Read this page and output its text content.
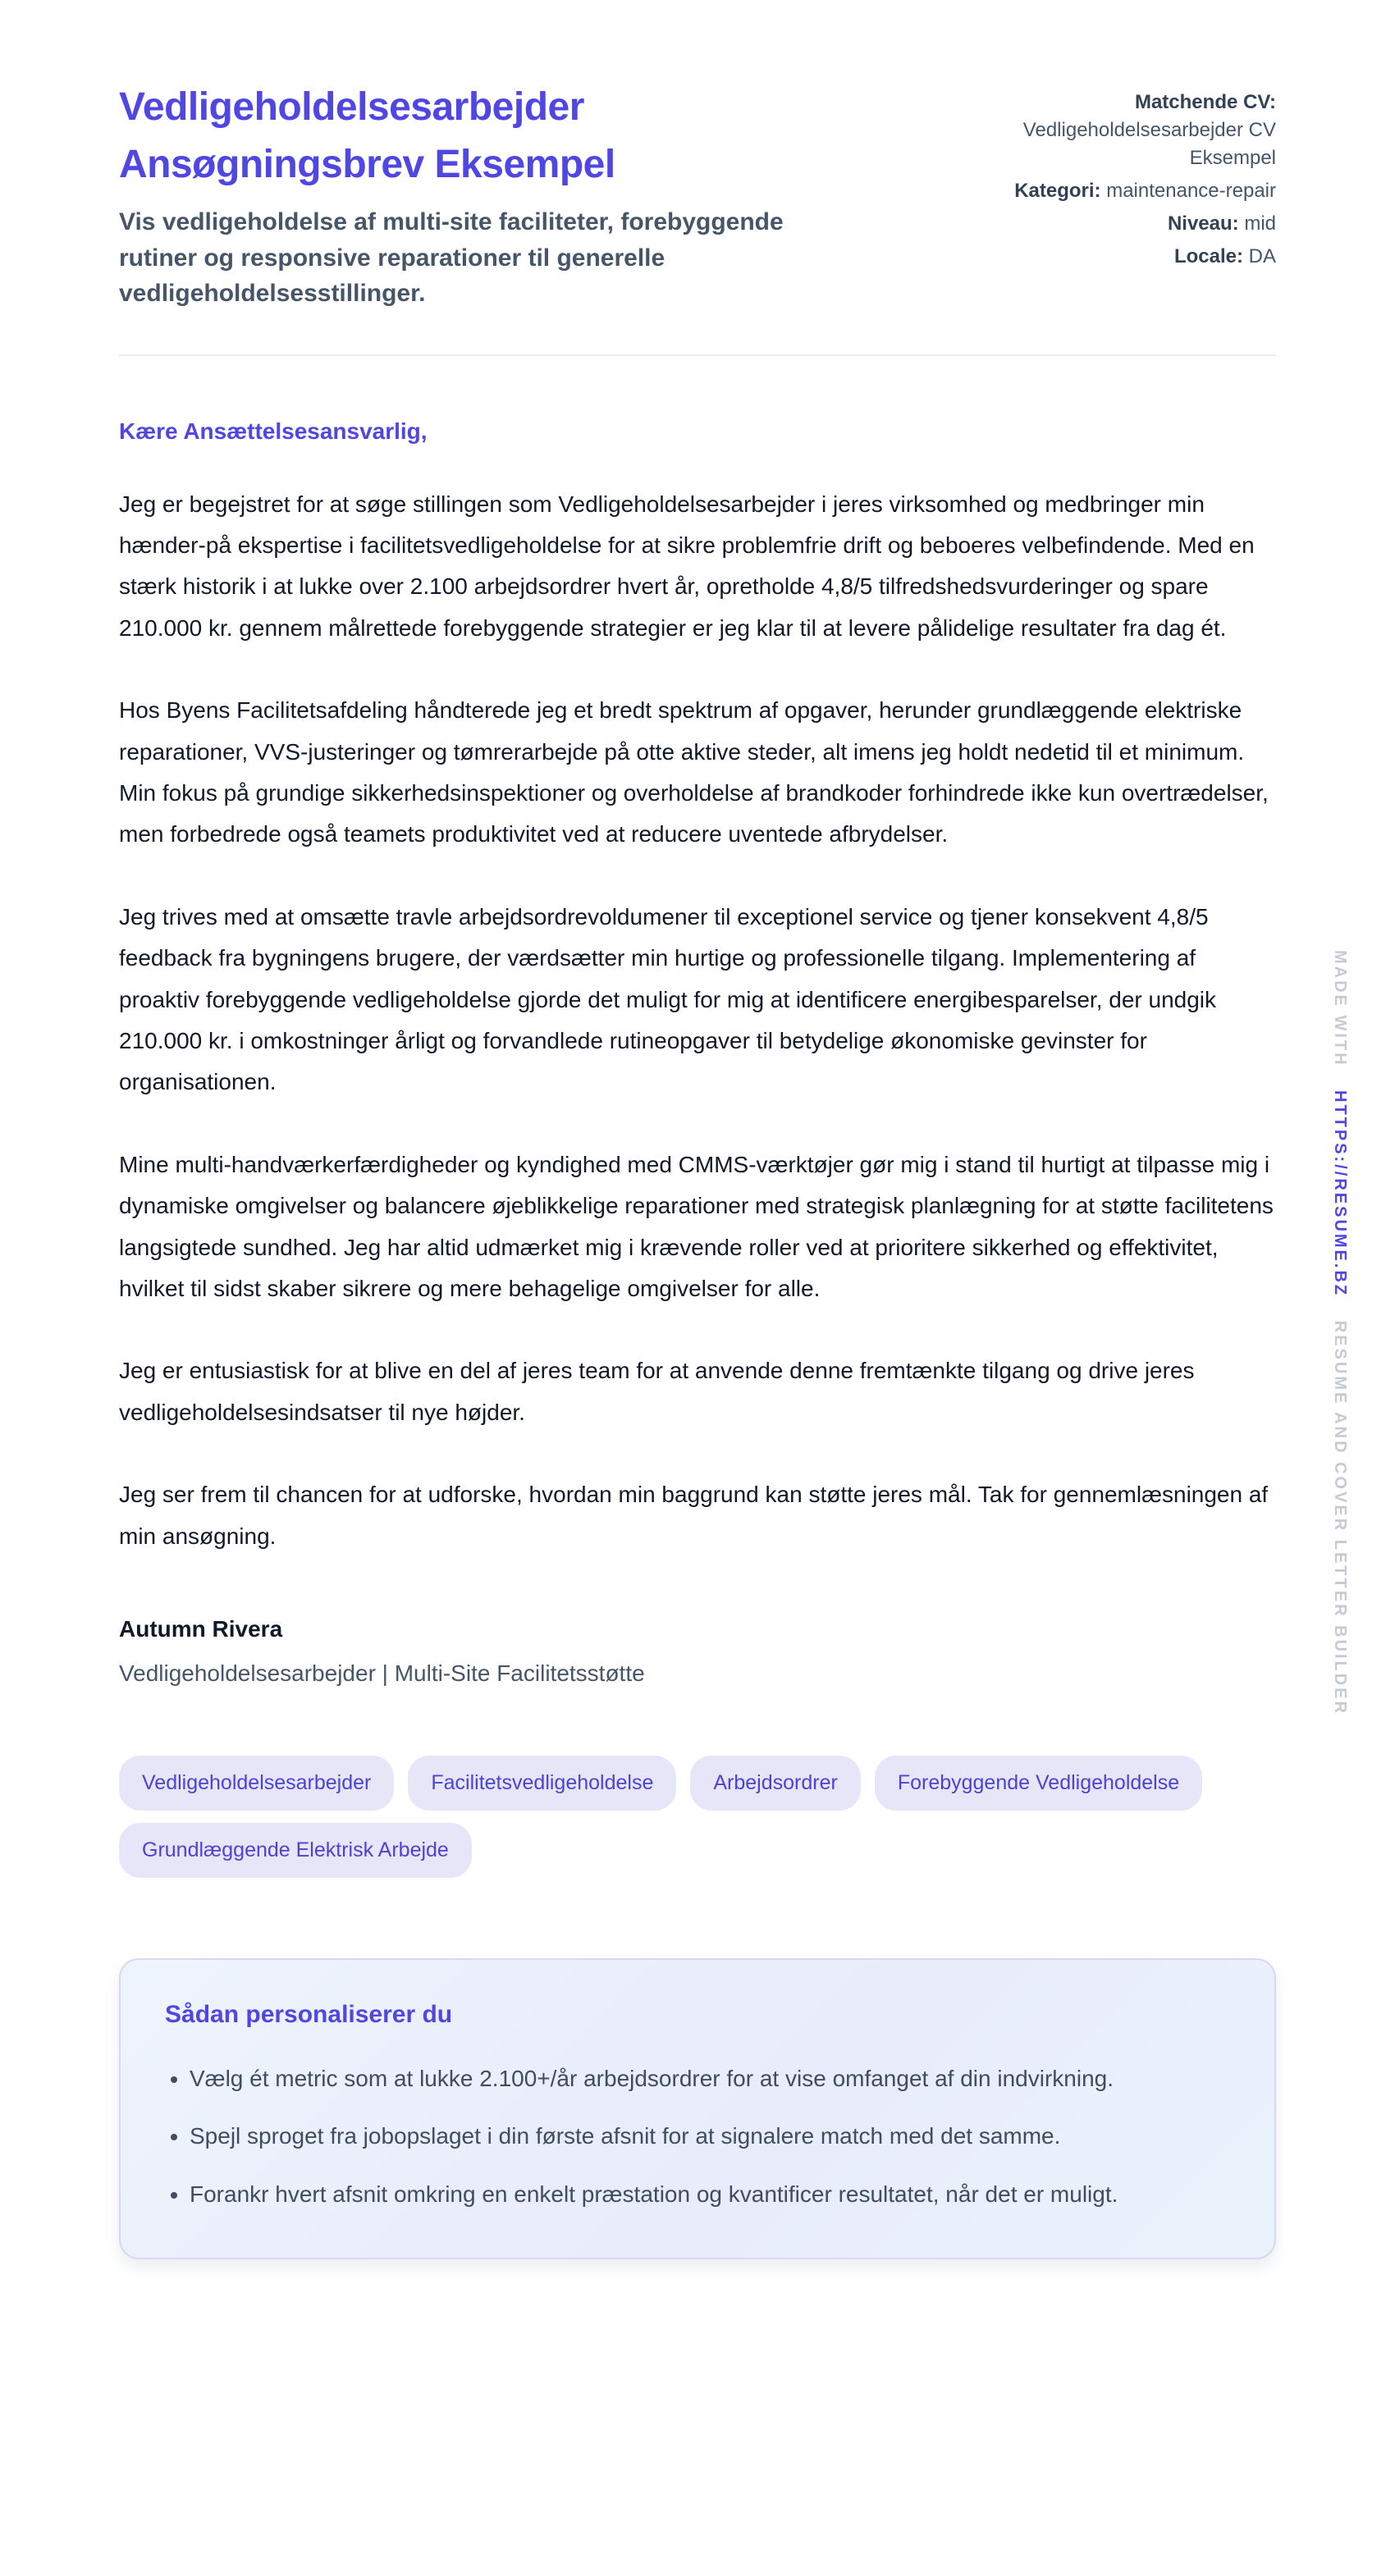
Vedligeholdelsesarbejder Ansøgningsbrev Eksempel

Vis vedligeholdelse af multi-site faciliteter, forebyggende rutiner og responsive reparationer til generelle vedligeholdelsesstillinger.

Matchende CV: Vedligeholdelsesarbejder CV Eksempel
Kategori: maintenance-repair
Niveau: mid
Locale: DA

Kære Ansættelsesansvarlig,

Jeg er begejstret for at søge stillingen som Vedligeholdelsesarbejder i jeres virksomhed og medbringer min hænder-på ekspertise i facilitetsvedligeholdelse for at sikre problemfrie drift og beboeres velbefindende. Med en stærk historik i at lukke over 2.100 arbejdsordrer hvert år, opretholde 4,8/5 tilfredshedsvurderinger og spare 210.000 kr. gennem målrettede forebyggende strategier er jeg klar til at levere pålidelige resultater fra dag ét.

Hos Byens Facilitetsafdeling håndterede jeg et bredt spektrum af opgaver, herunder grundlæggende elektriske reparationer, VVS-justeringer og tømrerarbejde på otte aktive steder, alt imens jeg holdt nedetid til et minimum. Min fokus på grundige sikkerhedsinspektioner og overholdelse af brandkoder forhindrede ikke kun overtrædelser, men forbedrede også teamets produktivitet ved at reducere uventede afbrydelser.

Jeg trives med at omsætte travle arbejdsordrevoldumener til exceptionel service og tjener konsekvent 4,8/5 feedback fra bygningens brugere, der værdsætter min hurtige og professionelle tilgang. Implementering af proaktiv forebyggende vedligeholdelse gjorde det muligt for mig at identificere energibesparelser, der undgik 210.000 kr. i omkostninger årligt og forvandlede rutineopgaver til betydelige økonomiske gevinster for organisationen.

Mine multi-handværkerfærdigheder og kyndighed med CMMS-værktøjer gør mig i stand til hurtigt at tilpasse mig i dynamiske omgivelser og balancere øjeblikkelige reparationer med strategisk planlægning for at støtte facilitetens langsigtede sundhed. Jeg har altid udmærket mig i krævende roller ved at prioritere sikkerhed og effektivitet, hvilket til sidst skaber sikrere og mere behagelige omgivelser for alle.

Jeg er entusiastisk for at blive en del af jeres team for at anvende denne fremtænkte tilgang og drive jeres vedligeholdelsesindsatser til nye højder.

Jeg ser frem til chancen for at udforske, hvordan min baggrund kan støtte jeres mål. Tak for gennemlæsningen af min ansøgning.

Autumn Rivera

Vedligeholdelsesarbejder | Multi-Site Facilitetsstøtte

Vedligeholdelsesarbejder	Facilitetsvedligeholdelse	Arbejdsordrer	Forebyggende Vedligeholdelse
Grundlæggende Elektrisk Arbejde
Sådan personaliserer du
• Vælg ét metric som at lukke 2.100+/år arbejdsordrer for at vise omfanget af din indvirkning.
• Spejl sproget fra jobopslaget i din første afsnit for at signalere match med det samme.
• Forankr hvert afsnit omkring en enkelt præstation og kvantificer resultatet, når det er muligt.
MADE WITH HTTPS://RESUME.BZ RESUME AND COVER LETTER BUILDER
